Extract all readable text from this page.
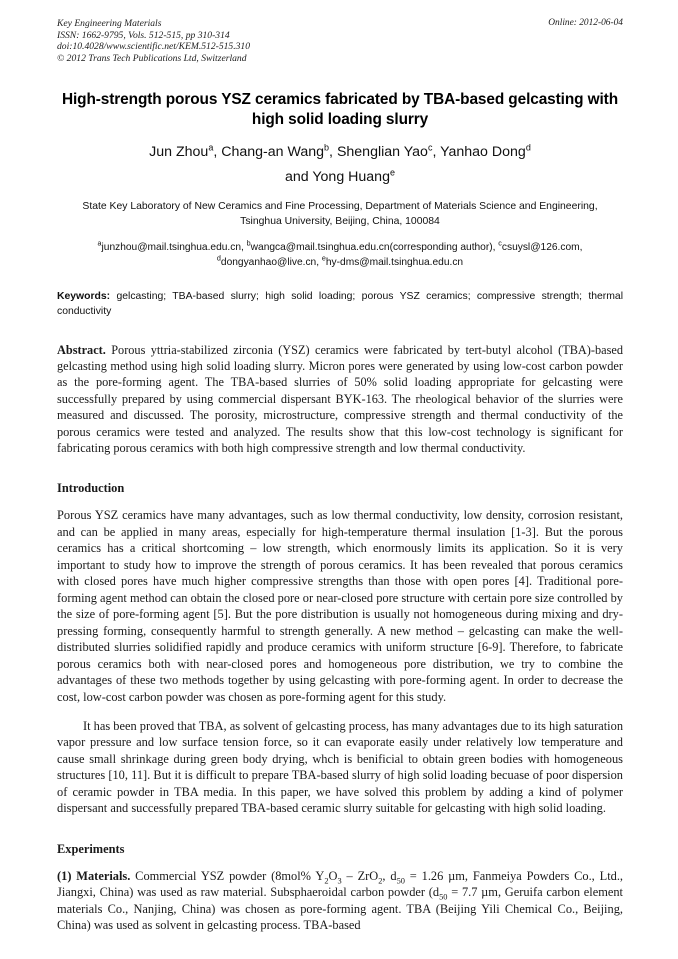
Online: 2012-06-04
Key Engineering Materials
ISSN: 1662-9795, Vols. 512-515, pp 310-314
doi:10.4028/www.scientific.net/KEM.512-515.310
© 2012 Trans Tech Publications Ltd, Switzerland
High-strength porous YSZ ceramics fabricated by TBA-based gelcasting with high solid loading slurry
Jun Zhou$^a$, Chang-an Wang$^b$, Shenglian Yao$^c$, Yanhao Dong$^d$
and Yong Huang$^e$
State Key Laboratory of New Ceramics and Fine Processing, Department of Materials Science and Engineering, Tsinghua University, Beijing, China, 100084
$^a$junzhou@mail.tsinghua.edu.cn, $^b$wangca@mail.tsinghua.edu.cn(corresponding author), $^c$csuysl@126.com, $^d$dongyanhao@live.cn, $^e$hy-dms@mail.tsinghua.edu.cn
Keywords: gelcasting; TBA-based slurry; high solid loading; porous YSZ ceramics; compressive strength; thermal conductivity
Abstract. Porous yttria-stabilized zirconia (YSZ) ceramics were fabricated by tert-butyl alcohol (TBA)-based gelcasting method using high solid loading slurry. Micron pores were generated by using low-cost carbon powder as the pore-forming agent. The TBA-based slurries of 50% solid loading appropriate for gelcasting were successfully prepared by using commercial dispersant BYK-163. The rheological behavior of the slurries were measured and discussed. The porosity, microstructure, compressive strength and thermal conductivity of the porous ceramics were tested and analyzed. The results show that this low-cost technology is significant for fabricating porous ceramics with both high compressive strength and low thermal conductivity.
Introduction

Porous YSZ ceramics have many advantages, such as low thermal conductivity, low density, corrosion resistant, and can be applied in many areas, especially for high-temperature thermal insulation [1-3]. But the porous ceramics has a critical shortcoming – low strength, which enormously limits its application. So it is very important to study how to improve the strength of porous ceramics. It has been revealed that porous ceramics with closed pores have much higher compressive strengths than those with open pores [4]. Traditional pore-forming agent method can obtain the closed pore or near-closed pore structure with certain pore size controlled by the size of pore-forming agent [5]. But the pore distribution is usually not homogeneous during mixing and dry-pressing forming, consequently harmful to strength generally. A new method – gelcasting can make the well-distributed slurries solidified rapidly and produce ceramics with uniform structure [6-9]. Therefore, to fabricate porous ceramics both with near-closed pores and homogeneous pore distribution, we try to combine the advantages of these two methods together by using gelcasting with pore-forming agent. In order to decrease the cost, low-cost carbon powder was chosen as pore-forming agent for this study.

It has been proved that TBA, as solvent of gelcasting process, has many advantages due to its high saturation vapor pressure and low surface tension force, so it can evaporate easily under relatively low temperature and cause small shrinkage during green body drying, whch is benificial to obtain green bodies with homogeneous structures [10, 11]. But it is difficult to prepare TBA-based slurry of high solid loading becuase of poor dispersion of ceramic powder in TBA media. In this paper, we have solved this problem by adding a kind of polymer dispersant and successfully prepared TBA-based ceramic slurry suitable for gelcasting with high solid loading.

Experiments

(1) Materials. Commercial YSZ powder (8mol% $Y_2O_3 - ZrO_2$, $d_{50} = 1.26$ µm, Fanmeiya Powders Co., Ltd., Jiangxi, China) was used as raw material. Subsphaeroidal carbon powder ($d_{50} = 7.7$ µm, Geruifa carbon element materials Co., Nanjing, China) was chosen as pore-forming agent. TBA (Beijing Yili Chemical Co., Beijing, China) was used as solvent in gelcasting process. TBA-based
